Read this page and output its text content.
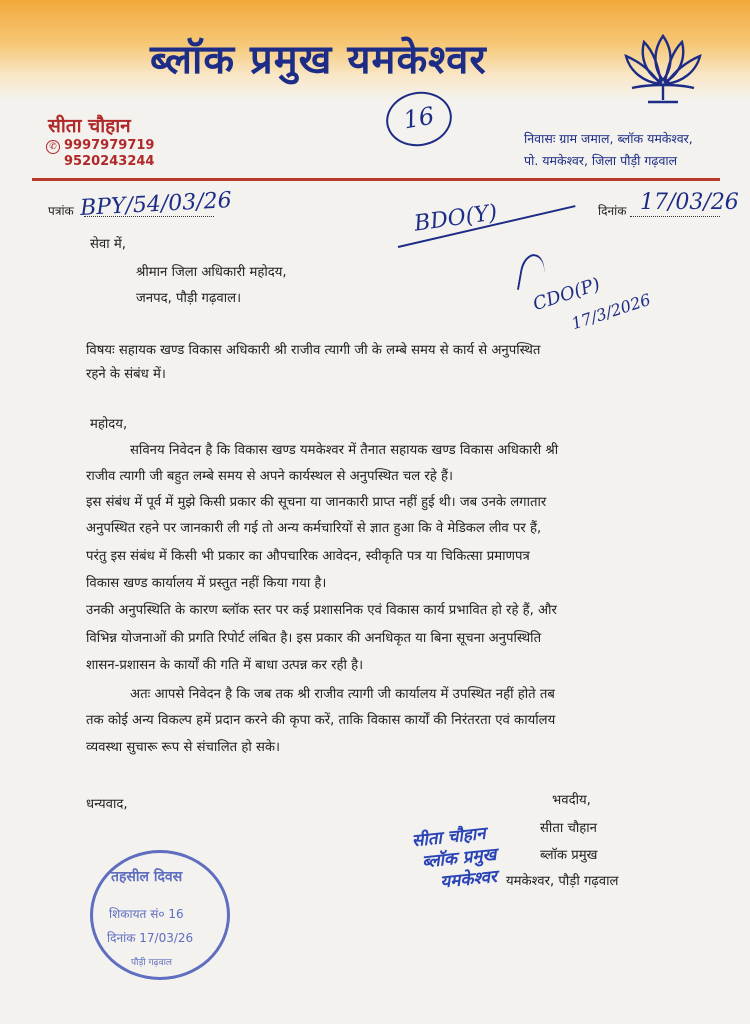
ब्लॉक प्रमुख यमकेश्वर
सीता चौहान
✆ 9997979719
9520243244
16
निवासः ग्राम जमाल, ब्लॉक यमकेश्वर,
पो. यमकेश्वर, जिला पौड़ी गढ़वाल
पत्रांक BPY/54/03/26	दिनांक 17/03/26
BDO(Y)
CDO(P)
17/3/2026
सेवा में,
श्रीमान जिला अधिकारी महोदय,
जनपद, पौड़ी गढ़वाल।
विषयः सहायक खण्ड विकास अधिकारी श्री राजीव त्यागी जी के लम्बे समय से कार्य से अनुपस्थित
रहने के संबंध में।
महोदय,
सविनय निवेदन है कि विकास खण्ड यमकेश्वर में तैनात सहायक खण्ड विकास अधिकारी श्री
राजीव त्यागी जी बहुत लम्बे समय से अपने कार्यस्थल से अनुपस्थित चल रहे हैं।
इस संबंध में पूर्व में मुझे किसी प्रकार की सूचना या जानकारी प्राप्त नहीं हुई थी। जब उनके लगातार
अनुपस्थित रहने पर जानकारी ली गई तो अन्य कर्मचारियों से ज्ञात हुआ कि वे मेडिकल लीव पर हैं,
परंतु इस संबंध में किसी भी प्रकार का औपचारिक आवेदन, स्वीकृति पत्र या चिकित्सा प्रमाणपत्र
विकास खण्ड कार्यालय में प्रस्तुत नहीं किया गया है।
उनकी अनुपस्थिति के कारण ब्लॉक स्तर पर कई प्रशासनिक एवं विकास कार्य प्रभावित हो रहे हैं, और
विभिन्न योजनाओं की प्रगति रिपोर्ट लंबित है। इस प्रकार की अनधिकृत या बिना सूचना अनुपस्थिति
शासन-प्रशासन के कार्यों की गति में बाधा उत्पन्न कर रही है।
अतः आपसे निवेदन है कि जब तक श्री राजीव त्यागी जी कार्यालय में उपस्थित नहीं होते तब
तक कोई अन्य विकल्प हमें प्रदान करने की कृपा करें, ताकि विकास कार्यों की निरंतरता एवं कार्यालय
व्यवस्था सुचारू रूप से संचालित हो सके।
धन्यवाद,	भवदीय,
सीता चौहान
ब्लॉक प्रमुख
यमकेश्वर, पौड़ी गढ़वाल
सीता चौहान
ब्लॉक प्रमुख
यमकेश्वर
तहसील दिवस
शिकायत सं० 16
दिनांक 17/03/26
पौड़ी गढ़वाल
